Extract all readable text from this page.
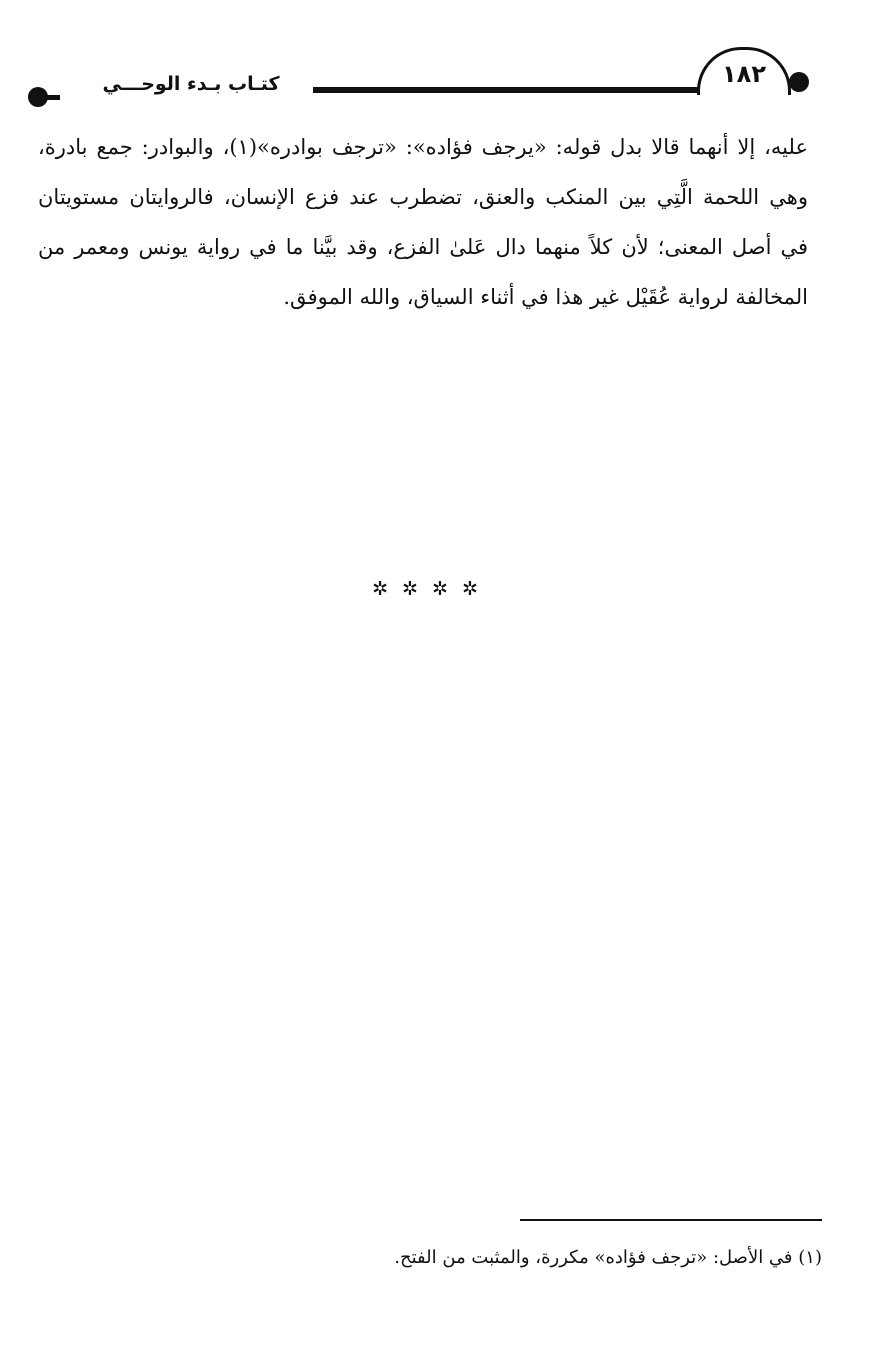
كتـاب بـدء الوحـــي	١٨٢
عليه، إلا أنهما قالا بدل قوله: «يرجف فؤاده»: «ترجف بوادره»(١)، والبوادر: جمع بادرة،
وهي اللحمة الَّتِي بين المنكب والعنق، تضطرب عند فزع الإنسان، فالروايتان مستويتان
في أصل المعنى؛ لأن كلاً منهما دال عَلىٰ الفزع، وقد بيَّنا ما في رواية يونس ومعمر من
المخالفة لرواية عُقَيْل غير هذا في أثناء السياق، والله الموفق.
✲ ✲ ✲ ✲
(١) في الأصل: «ترجف فؤاده» مكررة، والمثبت من الفتح.
